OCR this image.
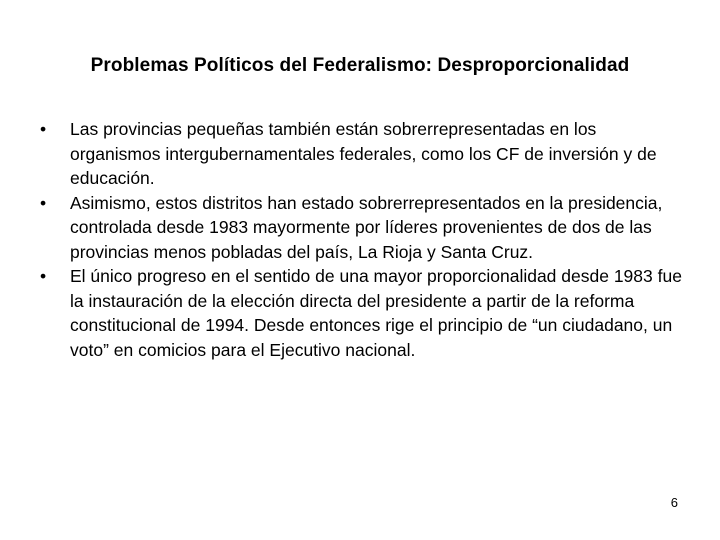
Problemas Políticos del Federalismo: Desproporcionalidad
•	Las provincias pequeñas también están sobrerrepresentadas en los organismos intergubernamentales federales, como los CF de inversión y de educación.
•	Asimismo, estos distritos han estado sobrerrepresentados en la presidencia, controlada desde 1983 mayormente por líderes provenientes de dos de las provincias menos pobladas del país, La Rioja y Santa Cruz.
•	El único progreso en el sentido de una mayor proporcionalidad desde 1983 fue la instauración de la elección directa del presidente a partir de la reforma constitucional de 1994. Desde entonces rige el principio de “un ciudadano, un voto” en comicios para el Ejecutivo nacional.
6
